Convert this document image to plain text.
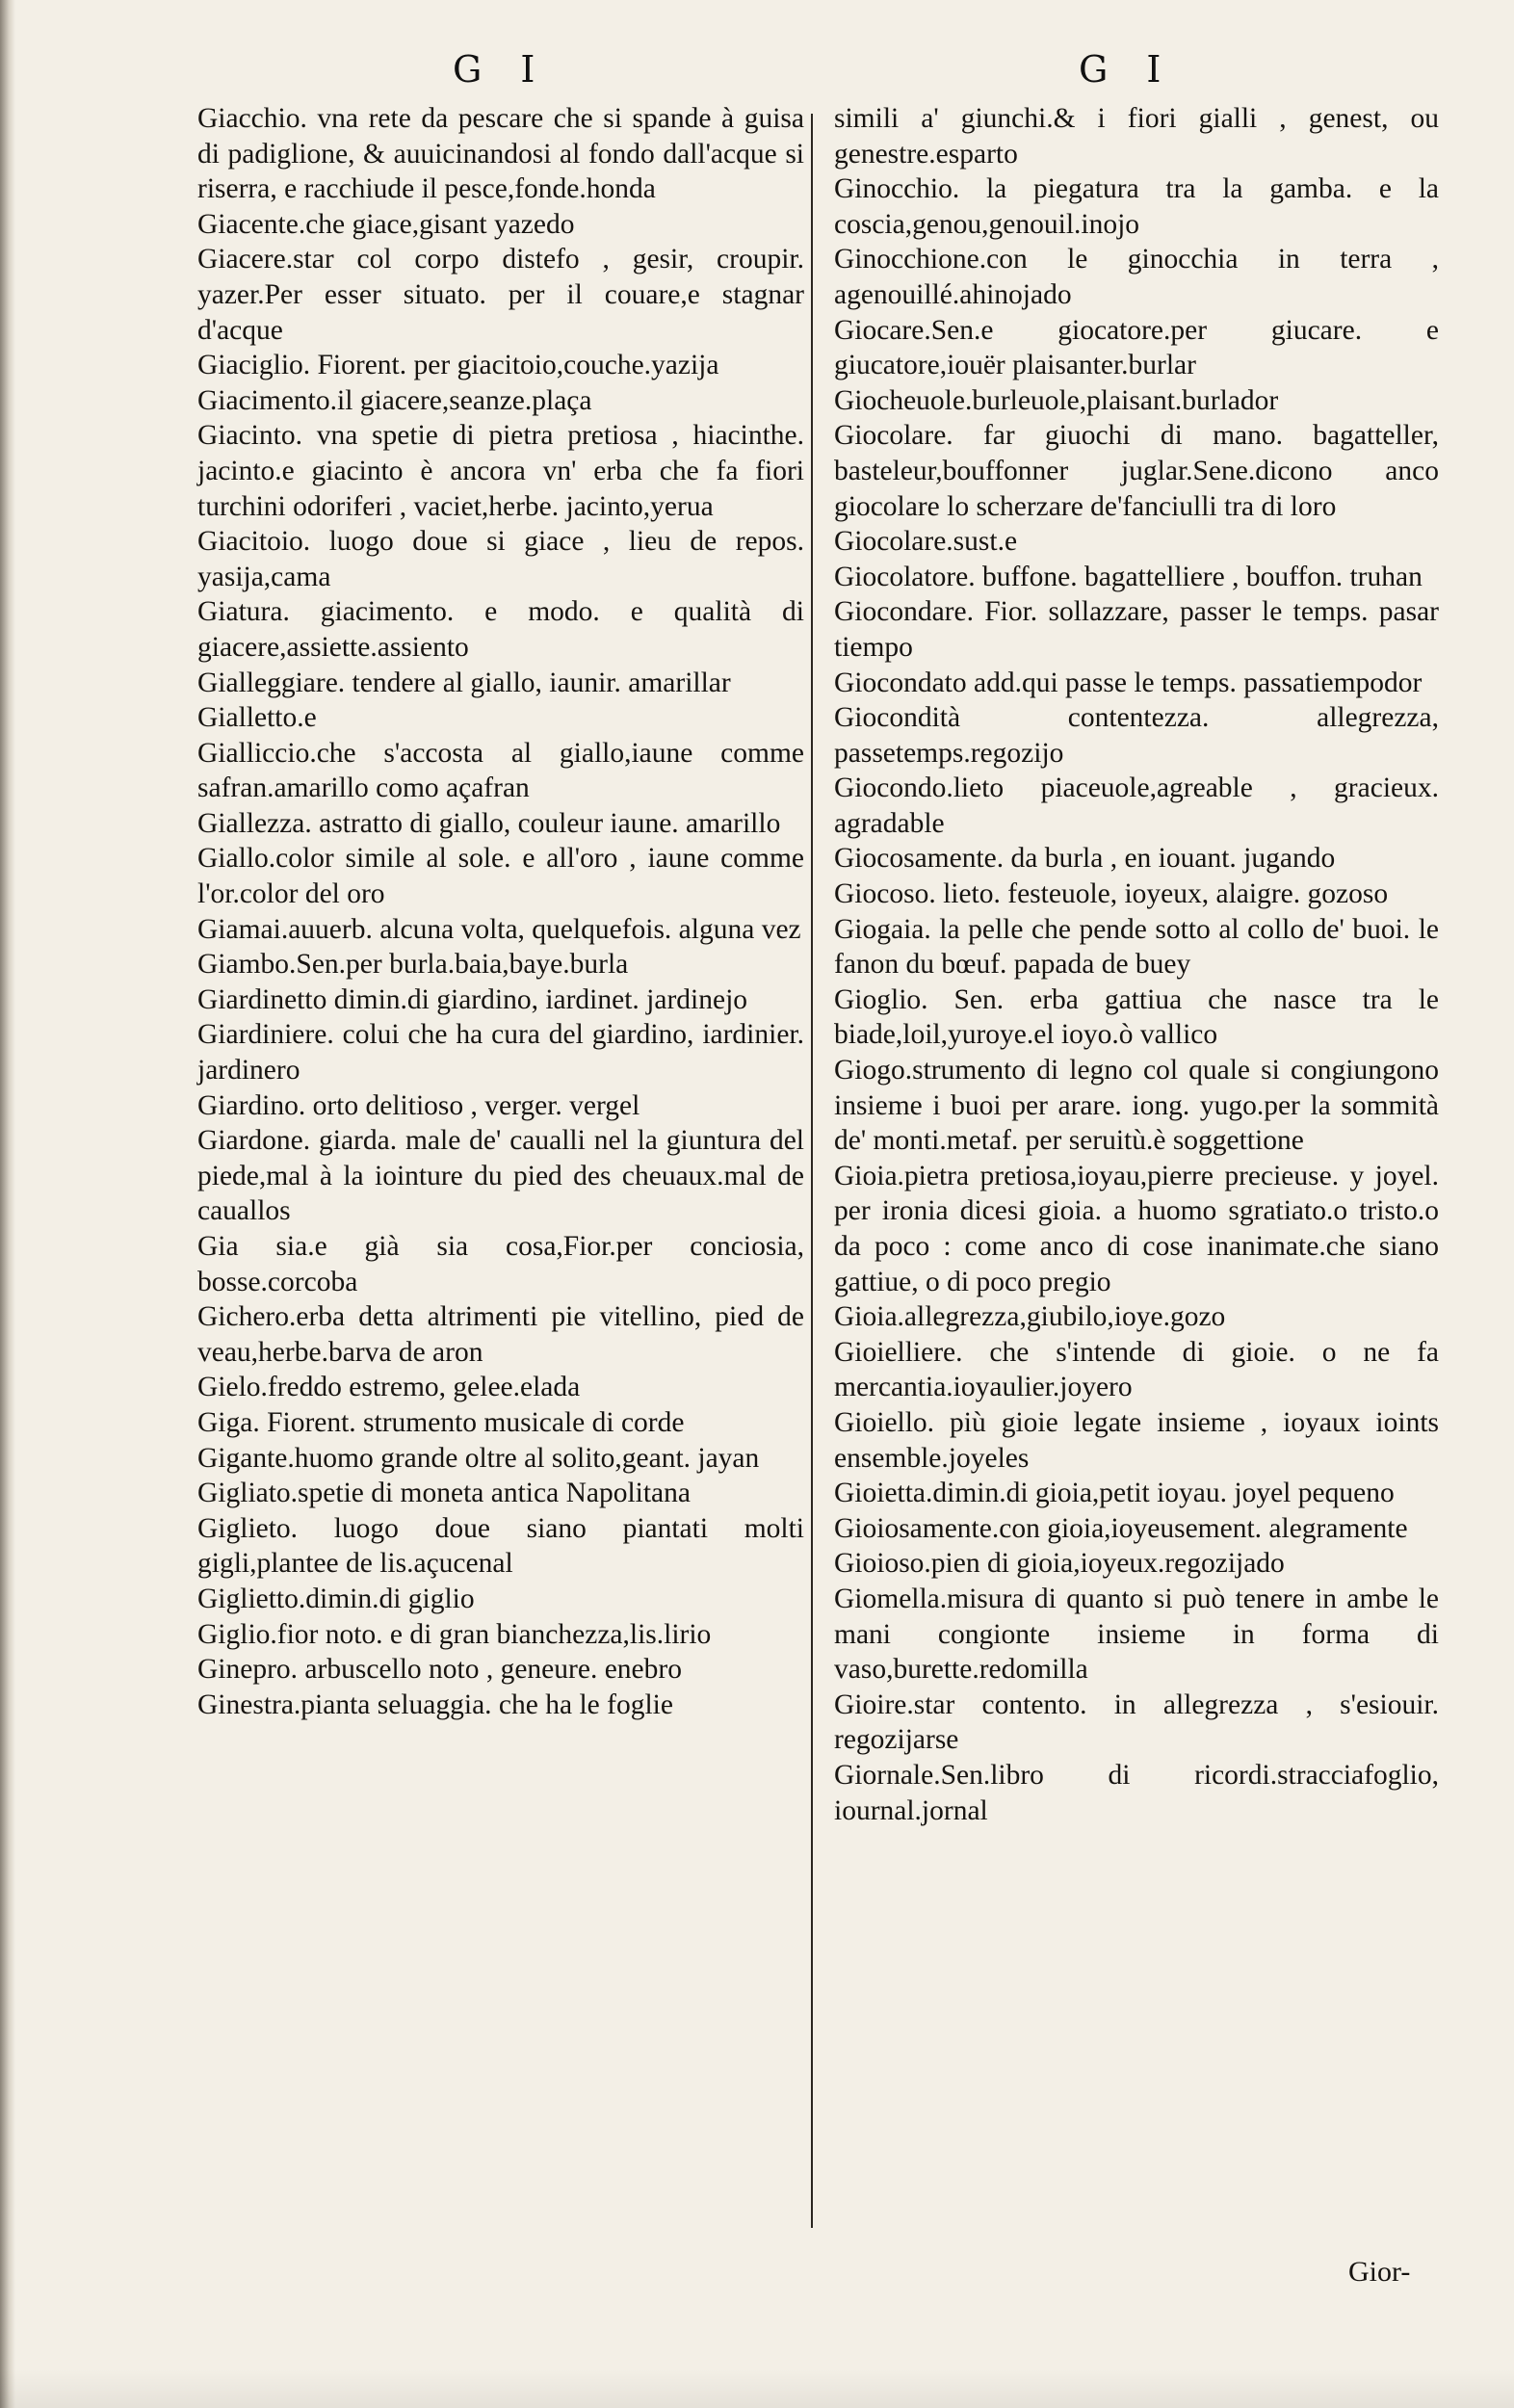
G I	G I

Giacchio. vna rete da pescare che si spande à guisa di padiglione, & auuicinandosi al fondo dall'acque si riserra, e racchiude il pesce,fonde.honda

Giacente.che giace,gisant yazedo

Giacere.star col corpo distefo , gesir, croupir. yazer.Per esser situato. per il couare,e stagnar d'acque

Giaciglio. Fiorent. per giacitoio,couche.yazija

Giacimento.il giacere,seanze.plaça

Giacinto. vna spetie di pietra pretiosa , hiacinthe. jacinto.e giacinto è ancora vn' erba che fa fiori turchini odoriferi , vaciet,herbe. jacinto,yerua

Giacitoio. luogo doue si giace , lieu de repos. yasija,cama

Giatura. giacimento. e modo. e qualità di giacere,assiette.assiento

Gialleggiare. tendere al giallo, iaunir. amarillar

Gialletto.e

Gialliccio.che s'accosta al giallo,iaune comme safran.amarillo como açafran

Giallezza. astratto di giallo, couleur iaune. amarillo

Giallo.color simile al sole. e all'oro , iaune comme l'or.color del oro

Giamai.auuerb. alcuna volta, quelquefois. alguna vez

Giambo.Sen.per burla.baia,baye.burla

Giardinetto dimin.di giardino, iardinet. jardinejo

Giardiniere. colui che ha cura del giardino, iardinier. jardinero

Giardino. orto delitioso , verger. vergel

Giardone. giarda. male de' caualli nel la giuntura del piede,mal à la iointure du pied des cheuaux.mal de cauallos

Gia sia.e già sia cosa,Fior.per conciosia, bosse.corcoba

Gichero.erba detta altrimenti pie vitellino, pied de veau,herbe.barva de aron

Gielo.freddo estremo, gelee.elada

Giga. Fiorent. strumento musicale di corde

Gigante.huomo grande oltre al solito,geant. jayan

Gigliato.spetie di moneta antica Napolitana

Giglieto. luogo doue siano piantati molti gigli,plantee de lis.açucenal

Giglietto.dimin.di giglio

Giglio.fior noto. e di gran bianchezza,lis.lirio

Ginepro. arbuscello noto , geneure. enebro

Ginestra.pianta seluaggia. che ha le foglie

simili a' giunchi.& i fiori gialli , genest, ou genestre.esparto

Ginocchio. la piegatura tra la gamba. e la coscia,genou,genouil.inojo

Ginocchione.con le ginocchia in terra , agenouillé.ahinojado

Giocare.Sen.e giocatore.per giucare. e giucatore,iouër plaisanter.burlar

Giocheuole.burleuole,plaisant.burlador

Giocolare. far giuochi di mano. bagatteller, basteleur,bouffonner juglar.Sene.dicono anco giocolare lo scherzare de'fanciulli tra di loro

Giocolare.sust.e

Giocolatore. buffone. bagattelliere , bouffon. truhan

Giocondare. Fior. sollazzare, passer le temps. pasar tiempo

Giocondato add.qui passe le temps. passatiempodor

Giocondità contentezza. allegrezza, passetemps.regozijo

Giocondo.lieto piaceuole,agreable , gracieux. agradable

Giocosamente. da burla , en iouant. jugando

Giocoso. lieto. festeuole, ioyeux, alaigre. gozoso

Giogaia. la pelle che pende sotto al collo de' buoi. le fanon du bœuf. papada de buey

Gioglio. Sen. erba gattiua che nasce tra le biade,loil,yuroye.el ioyo.ò vallico

Giogo.strumento di legno col quale si congiungono insieme i buoi per arare. iong. yugo.per la sommità de' monti.metaf. per seruitù.è soggettione

Gioia.pietra pretiosa,ioyau,pierre precieuse. y joyel. per ironia dicesi gioia. a huomo sgratiato.o tristo.o da poco : come anco di cose inanimate.che siano gattiue, o di poco pregio

Gioia.allegrezza,giubilo,ioye.gozo

Gioielliere. che s'intende di gioie. o ne fa mercantia.ioyaulier.joyero

Gioiello. più gioie legate insieme , ioyaux ioints ensemble.joyeles

Gioietta.dimin.di gioia,petit ioyau. joyel pequeno

Gioiosamente.con gioia,ioyeusement. alegramente

Gioioso.pien di gioia,ioyeux.regozijado

Giomella.misura di quanto si può tenere in ambe le mani congionte insieme in forma di vaso,burette.redomilla

Gioire.star contento. in allegrezza , s'esiouir. regozijarse

Giornale.Sen.libro di ricordi.stracciafoglio, iournal.jornal

Gior-
